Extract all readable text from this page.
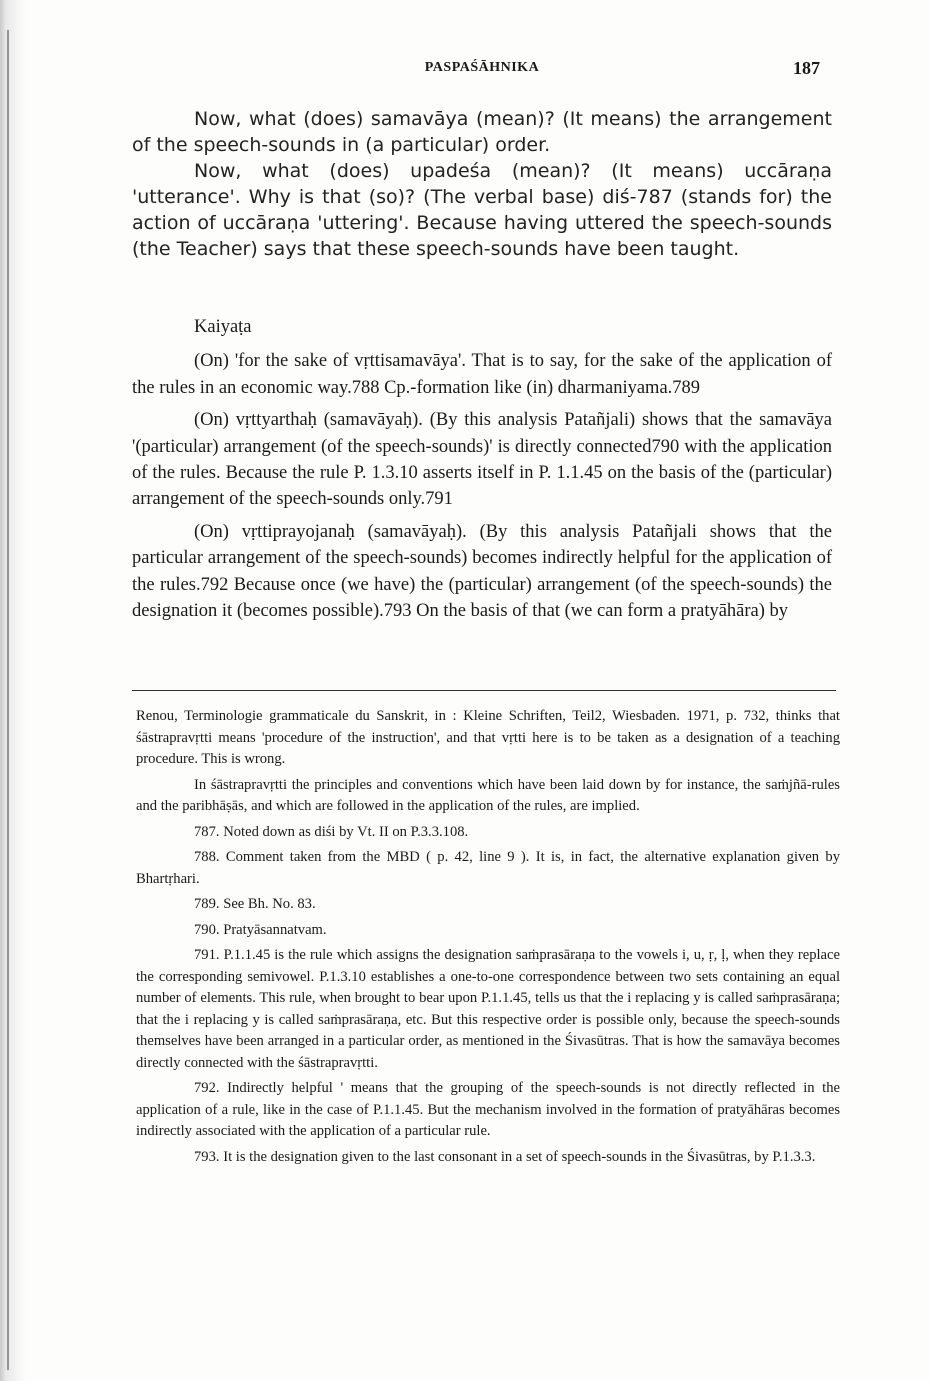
PASPAŚĀHNIKA	187

Now, what (does) samavāya (mean)? (It means) the arrangement of the speech-sounds in (a particular) order.

Now, what (does) upadeśa (mean)? (It means) uccāraṇa 'utterance'. Why is that (so)? (The verbal base) diś-787 (stands for) the action of uccāraṇa 'uttering'. Because having uttered the speech-sounds (the Teacher) says that these speech-sounds have been taught.

Kaiyaṭa

(On) 'for the sake of vṛttisamavāya'. That is to say, for the sake of the application of the rules in an economic way.788 Cp.-formation like (in) dharmaniyama.789

(On) vṛttyarthaḥ (samavāyaḥ). (By this analysis Patañjali) shows that the samavāya '(particular) arrangement (of the speech-sounds)' is directly connected790 with the application of the rules. Because the rule P. 1.3.10 asserts itself in P. 1.1.45 on the basis of the (particular) arrangement of the speech-sounds only.791

(On) vṛttiprayojanaḥ (samavāyaḥ). (By this analysis Patañjali shows that the particular arrangement of the speech-sounds) becomes indirectly helpful for the application of the rules.792 Because once (we have) the (particular) arrangement (of the speech-sounds) the designation it (becomes possible).793 On the basis of that (we can form a pratyāhāra) by

Renou, Terminologie grammaticale du Sanskrit, in : Kleine Schriften, Teil2, Wiesbaden. 1971, p. 732, thinks that śāstrapravṛtti means 'procedure of the instruction', and that vṛtti here is to be taken as a designation of a teaching procedure. This is wrong.

In śāstrapravṛtti the principles and conventions which have been laid down by for instance, the saṁjñā-rules and the paribhāṣās, and which are followed in the application of the rules, are implied.

787. Noted down as diśi by Vt. II on P.3.3.108.

788. Comment taken from the MBD ( p. 42, line 9 ). It is, in fact, the alternative explanation given by Bhartṛhari.

789. See Bh. No. 83.

790. Pratyāsannatvam.

791. P.1.1.45 is the rule which assigns the designation saṁprasāraṇa to the vowels i, u, ṛ, ḷ, when they replace the corresponding semivowel. P.1.3.10 establishes a one-to-one correspondence between two sets containing an equal number of elements. This rule, when brought to bear upon P.1.1.45, tells us that the i replacing y is called saṁprasāraṇa; that the i replacing y is called saṁprasāraṇa, etc. But this respective order is possible only, because the speech-sounds themselves have been arranged in a particular order, as mentioned in the Śivasūtras. That is how the samavāya becomes directly connected with the śāstrapravṛtti.

792. Indirectly helpful ' means that the grouping of the speech-sounds is not directly reflected in the application of a rule, like in the case of P.1.1.45. But the mechanism involved in the formation of pratyāhāras becomes indirectly associated with the application of a particular rule.

793. It is the designation given to the last consonant in a set of speech-sounds in the Śivasūtras, by P.1.3.3.
